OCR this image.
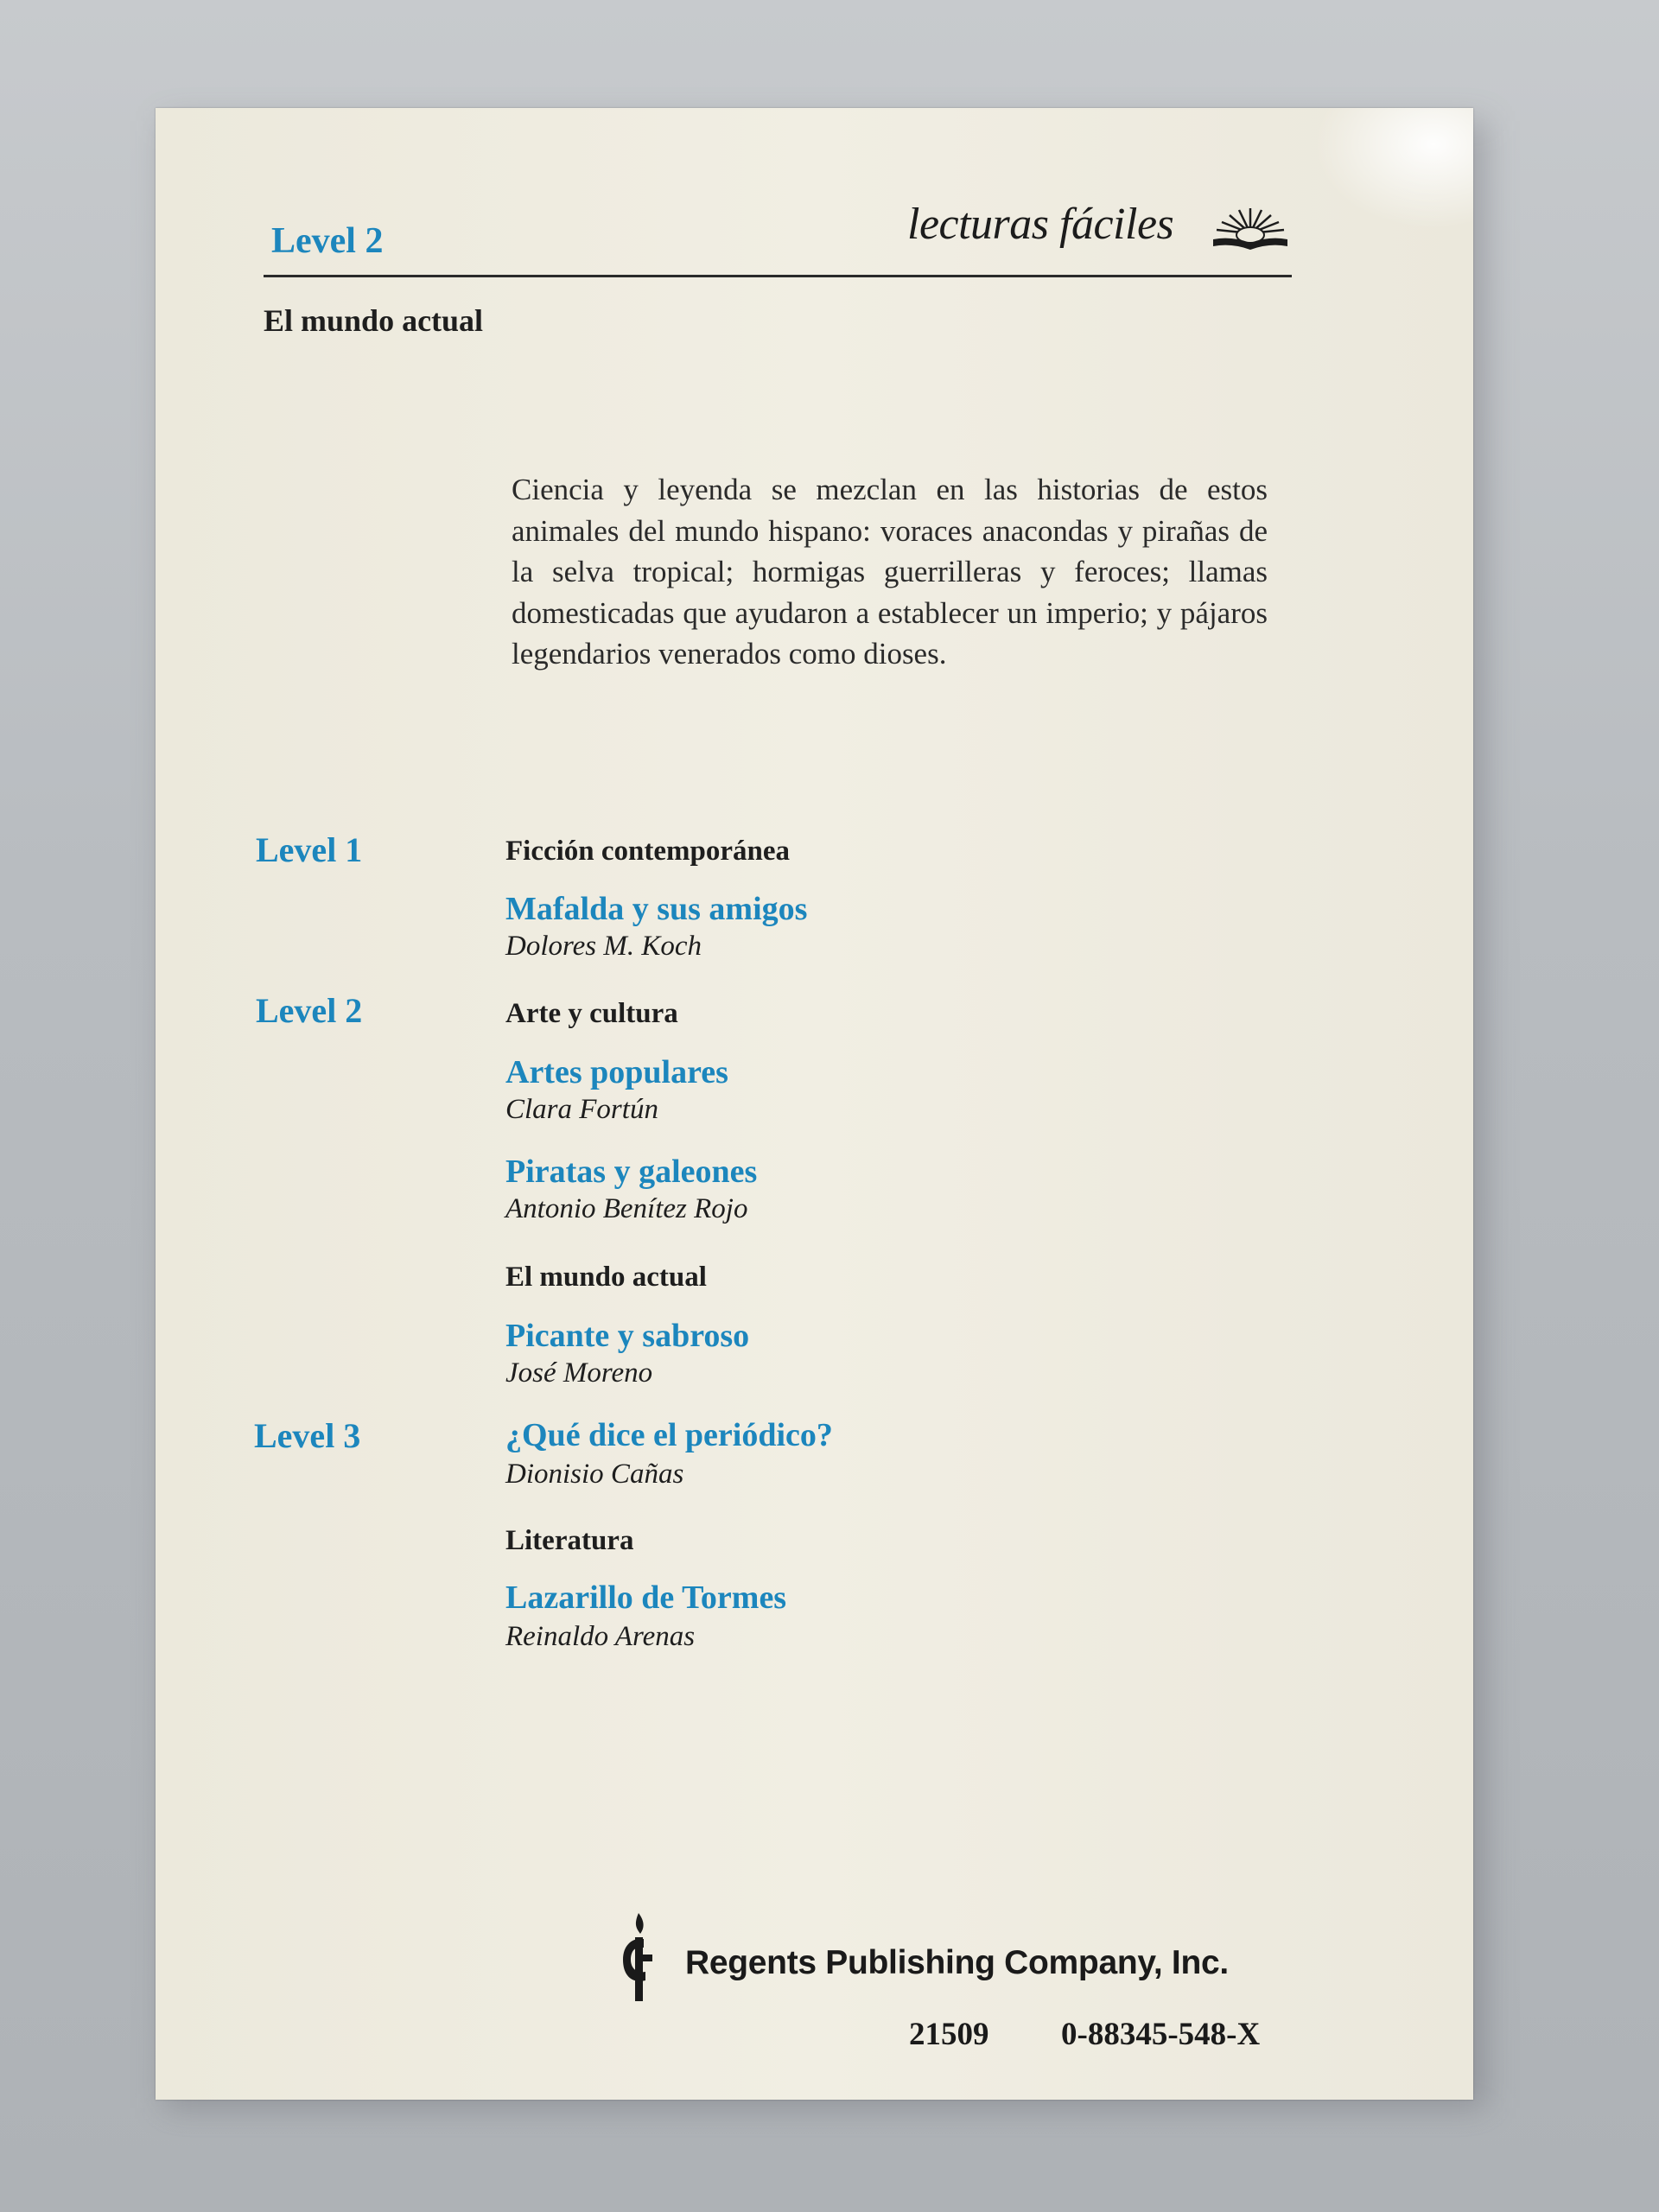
Level 2	lecturas fáciles
El mundo actual
Ciencia y leyenda se mezclan en las historias de estos animales del mundo hispano: voraces anacondas y pirañas de la selva tropical; hormigas guerrilleras y feroces; llamas domesticadas que ayudaron a establecer un imperio; y pájaros legendarios venerados como dioses.
Level 1	Ficción contemporánea
Mafalda y sus amigos
Dolores M. Koch
Level 2	Arte y cultura
Artes populares
Clara Fortún
Piratas y galeones
Antonio Benítez Rojo
El mundo actual
Picante y sabroso
José Moreno
Level 3	¿Qué dice el periódico?
Dionisio Cañas
Literatura
Lazarillo de Tormes
Reinaldo Arenas
Regents Publishing Company, Inc.
21509 0-88345-548-X
